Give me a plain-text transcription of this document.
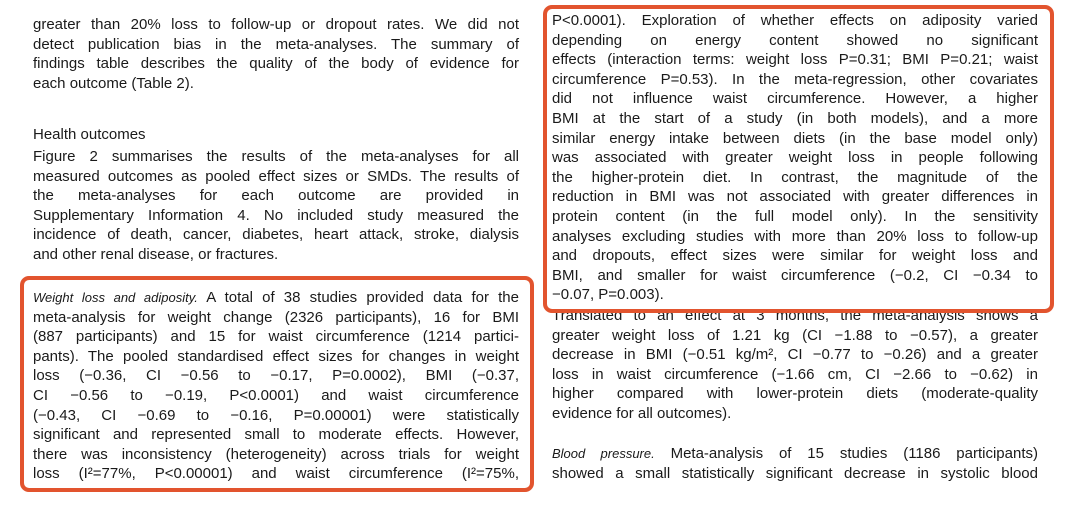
greater than 20% loss to follow-up or dropout rates. We did not
detect publication bias in the meta-analyses. The summary of
findings table describes the quality of the body of evidence for
each outcome (Table 2).
Health outcomes
Figure 2 summarises the results of the meta-analyses for all
measured outcomes as pooled effect sizes or SMDs. The results of
the meta-analyses for each outcome are provided in
Supplementary Information 4. No included study measured the
incidence of death, cancer, diabetes, heart attack, stroke, dialysis
and other renal disease, or fractures.
Weight loss and adiposity. A total of 38 studies provided data for the
meta-analysis for weight change (2326 participants), 16 for BMI
(887 participants) and 15 for waist circumference (1214 partici-
pants). The pooled standardised effect sizes for changes in weight
loss (−0.36, CI −0.56 to −0.17, P=0.0002), BMI (−0.37,
CI −0.56 to −0.19, P<0.0001) and waist circumference
(−0.43, CI −0.69 to −0.16, P=0.00001) were statistically
significant and represented small to moderate effects. However,
there was inconsistency (heterogeneity) across trials for weight
loss (I²=77%, P<0.00001) and waist circumference (I²=75%,
P<0.0001). Exploration of whether effects on adiposity varied
depending on energy content showed no significant
effects (interaction terms: weight loss P=0.31; BMI P=0.21; waist
circumference P=0.53). In the meta-regression, other covariates
did not influence waist circumference. However, a higher
BMI at the start of a study (in both models), and a more
similar energy intake between diets (in the base model only)
was associated with greater weight loss in people following
the higher-protein diet. In contrast, the magnitude of the
reduction in BMI was not associated with greater differences in
protein content (in the full model only). In the sensitivity
analyses excluding studies with more than 20% loss to follow-up
and dropouts, effect sizes were similar for weight loss and
BMI, and smaller for waist circumference (−0.2, CI −0.34 to
−0.07, P=0.003).
Translated to an effect at 3 months, the meta-analysis shows a
greater weight loss of 1.21 kg (CI −1.88 to −0.57), a greater
decrease in BMI (−0.51 kg/m², CI −0.77 to −0.26) and a greater
loss in waist circumference (−1.66 cm, CI −2.66 to −0.62) in
higher compared with lower-protein diets (moderate-quality
evidence for all outcomes).
Blood pressure. Meta-analysis of 15 studies (1186 participants)
showed a small statistically significant decrease in systolic blood
